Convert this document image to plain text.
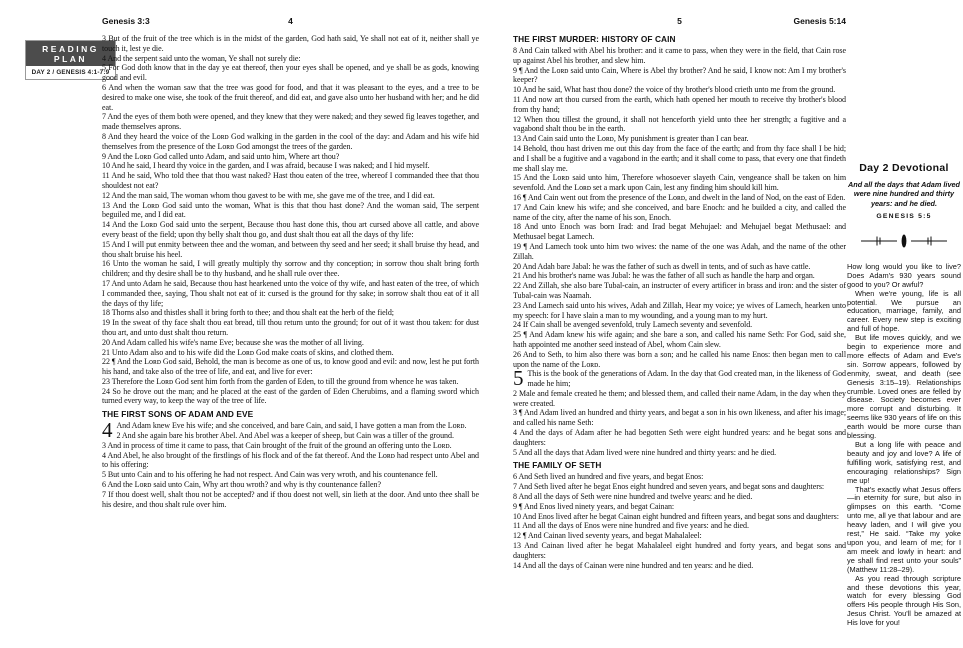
READING PLAN
DAY 2 / GENESIS 4:1-7:9
Genesis 3:3	4

3 But of the fruit of the tree which is in the midst of the garden, God hath said, Ye shall not eat of it, neither shall ye touch it, lest ye die.

4 And the serpent said unto the woman, Ye shall not surely die:

5 For God doth know that in the day ye eat thereof, then your eyes shall be opened, and ye shall be as gods, knowing good and evil.

6 And when the woman saw that the tree was good for food, and that it was pleasant to the eyes, and a tree to be desired to make one wise, she took of the fruit thereof, and did eat, and gave also unto her husband with her; and he did eat.

7 And the eyes of them both were opened, and they knew that they were naked; and they sewed fig leaves together, and made themselves aprons.

8 And they heard the voice of the Lᴏʀᴅ God walking in the garden in the cool of the day: and Adam and his wife hid themselves from the presence of the Lᴏʀᴅ God amongst the trees of the garden.

9 And the Lᴏʀᴅ God called unto Adam, and said unto him, Where art thou?

10 And he said, I heard thy voice in the garden, and I was afraid, because I was naked; and I hid myself.

11 And he said, Who told thee that thou wast naked? Hast thou eaten of the tree, whereof I commanded thee that thou shouldest not eat?

12 And the man said, The woman whom thou gavest to be with me, she gave me of the tree, and I did eat.

13 And the Lᴏʀᴅ God said unto the woman, What is this that thou hast done? And the woman said, The serpent beguiled me, and I did eat.

14 And the Lᴏʀᴅ God said unto the serpent, Because thou hast done this, thou art cursed above all cattle, and above every beast of the field; upon thy belly shalt thou go, and dust shalt thou eat all the days of thy life:

15 And I will put enmity between thee and the woman, and between thy seed and her seed; it shall bruise thy head, and thou shalt bruise his heel.

16 Unto the woman he said, I will greatly multiply thy sorrow and thy conception; in sorrow thou shalt bring forth children; and thy desire shall be to thy husband, and he shall rule over thee.

17 And unto Adam he said, Because thou hast hearkened unto the voice of thy wife, and hast eaten of the tree, of which I commanded thee, saying, Thou shalt not eat of it: cursed is the ground for thy sake; in sorrow shalt thou eat of it all the days of thy life;

18 Thorns also and thistles shall it bring forth to thee; and thou shalt eat the herb of the field;

19 In the sweat of thy face shalt thou eat bread, till thou return unto the ground; for out of it wast thou taken: for dust thou art, and unto dust shalt thou return.

20 And Adam called his wife's name Eve; because she was the mother of all living.

21 Unto Adam also and to his wife did the Lᴏʀᴅ God make coats of skins, and clothed them.

22 ¶ And the Lᴏʀᴅ God said, Behold, the man is become as one of us, to know good and evil: and now, lest he put forth his hand, and take also of the tree of life, and eat, and live for ever:

23 Therefore the Lᴏʀᴅ God sent him forth from the garden of Eden, to till the ground from whence he was taken.

24 So he drove out the man; and he placed at the east of the garden of Eden Cherubims, and a flaming sword which turned every way, to keep the way of the tree of life.

THE FIRST SONS OF ADAM AND EVE

4 And Adam knew Eve his wife; and she conceived, and bare Cain, and said, I have gotten a man from the Lᴏʀᴅ.

2 And she again bare his brother Abel. And Abel was a keeper of sheep, but Cain was a tiller of the ground.

3 And in process of time it came to pass, that Cain brought of the fruit of the ground an offering unto the Lᴏʀᴅ.

4 And Abel, he also brought of the firstlings of his flock and of the fat thereof. And the Lᴏʀᴅ had respect unto Abel and to his offering:

5 But unto Cain and to his offering he had not respect. And Cain was very wroth, and his countenance fell.

6 And the Lᴏʀᴅ said unto Cain, Why art thou wroth? and why is thy countenance fallen?

7 If thou doest well, shalt thou not be accepted? and if thou doest not well, sin lieth at the door. And unto thee shall be his desire, and thou shalt rule over him.

5	Genesis 5:14
THE FIRST MURDER: HISTORY OF CAIN

8 And Cain talked with Abel his brother: and it came to pass, when they were in the field, that Cain rose up against Abel his brother, and slew him.

9 ¶ And the Lᴏʀᴅ said unto Cain, Where is Abel thy brother? And he said, I know not: Am I my brother's keeper?

10 And he said, What hast thou done? the voice of thy brother's blood crieth unto me from the ground.

11 And now art thou cursed from the earth, which hath opened her mouth to receive thy brother's blood from thy hand;

12 When thou tillest the ground, it shall not henceforth yield unto thee her strength; a fugitive and a vagabond shalt thou be in the earth.

13 And Cain said unto the Lᴏʀᴅ, My punishment is greater than I can bear.

14 Behold, thou hast driven me out this day from the face of the earth; and from thy face shall I be hid; and I shall be a fugitive and a vagabond in the earth; and it shall come to pass, that every one that findeth me shall slay me.

15 And the Lᴏʀᴅ said unto him, Therefore whosoever slayeth Cain, vengeance shall be taken on him sevenfold. And the Lᴏʀᴅ set a mark upon Cain, lest any finding him should kill him.

16 ¶ And Cain went out from the presence of the Lᴏʀᴅ, and dwelt in the land of Nod, on the east of Eden.

17 And Cain knew his wife; and she conceived, and bare Enoch: and he builded a city, and called the name of the city, after the name of his son, Enoch.

18 And unto Enoch was born Irad: and Irad begat Mehujael: and Mehujael begat Methusael: and Methusael begat Lamech.

19 ¶ And Lamech took unto him two wives: the name of the one was Adah, and the name of the other Zillah.

20 And Adah bare Jabal: he was the father of such as dwell in tents, and of such as have cattle.

21 And his brother's name was Jubal: he was the father of all such as handle the harp and organ.

22 And Zillah, she also bare Tubal-cain, an instructer of every artificer in brass and iron: and the sister of Tubal-cain was Naamah.

23 And Lamech said unto his wives, Adah and Zillah, Hear my voice; ye wives of Lamech, hearken unto my speech: for I have slain a man to my wounding, and a young man to my hurt.

24 If Cain shall be avenged sevenfold, truly Lamech seventy and sevenfold.

25 ¶ And Adam knew his wife again; and she bare a son, and called his name Seth: For God, said she, hath appointed me another seed instead of Abel, whom Cain slew.

26 And to Seth, to him also there was born a son; and he called his name Enos: then began men to call upon the name of the Lᴏʀᴅ.

5 This is the book of the generations of Adam. In the day that God created man, in the likeness of God made he him;

2 Male and female created he them; and blessed them, and called their name Adam, in the day when they were created.

3 ¶ And Adam lived an hundred and thirty years, and begat a son in his own likeness, and after his image; and called his name Seth:

4 And the days of Adam after he had begotten Seth were eight hundred years: and he begat sons and daughters:

5 And all the days that Adam lived were nine hundred and thirty years: and he died.

THE FAMILY OF SETH

6 And Seth lived an hundred and five years, and begat Enos:

7 And Seth lived after he begat Enos eight hundred and seven years, and begat sons and daughters:

8 And all the days of Seth were nine hundred and twelve years: and he died.

9 ¶ And Enos lived ninety years, and begat Cainan:

10 And Enos lived after he begat Cainan eight hundred and fifteen years, and begat sons and daughters:

11 And all the days of Enos were nine hundred and five years: and he died.

12 ¶ And Cainan lived seventy years, and begat Mahalaleel:

13 And Cainan lived after he begat Mahalaleel eight hundred and forty years, and begat sons and daughters:

14 And all the days of Cainan were nine hundred and ten years: and he died.

Day 2 Devotional
And all the days that Adam lived were nine hundred and thirty years: and he died.
GENESIS 5:5

How long would you like to live? Does Adam's 930 years sound good to you? Or awful?

When we're young, life is all potential. We pursue an education, marriage, family, and career. Every new step is exciting and full of hope.

But life moves quickly, and we begin to experience more and more effects of Adam and Eve's sin. Sorrow appears, followed by enmity, sweat, and death (see Genesis 3:15–19). Relationships crumble. Loved ones are felled by disease. Society becomes ever more corrupt and disturbing. It seems like 930 years of life on this earth would be more curse than blessing.

But a long life with peace and beauty and joy and love? A life of fulfilling work, satisfying rest, and encouraging relationships? Sign me up!

That's exactly what Jesus offers—in eternity for sure, but also in glimpses on this earth. “Come unto me, all ye that labour and are heavy laden, and I will give you rest,” He said. “Take my yoke upon you, and learn of me; for I am meek and lowly in heart: and ye shall find rest unto your souls” (Matthew 11:28–29).

As you read through scripture and these devotions this year, watch for every blessing God offers His people through His Son, Jesus Christ. You'll be amazed at His love for you!
